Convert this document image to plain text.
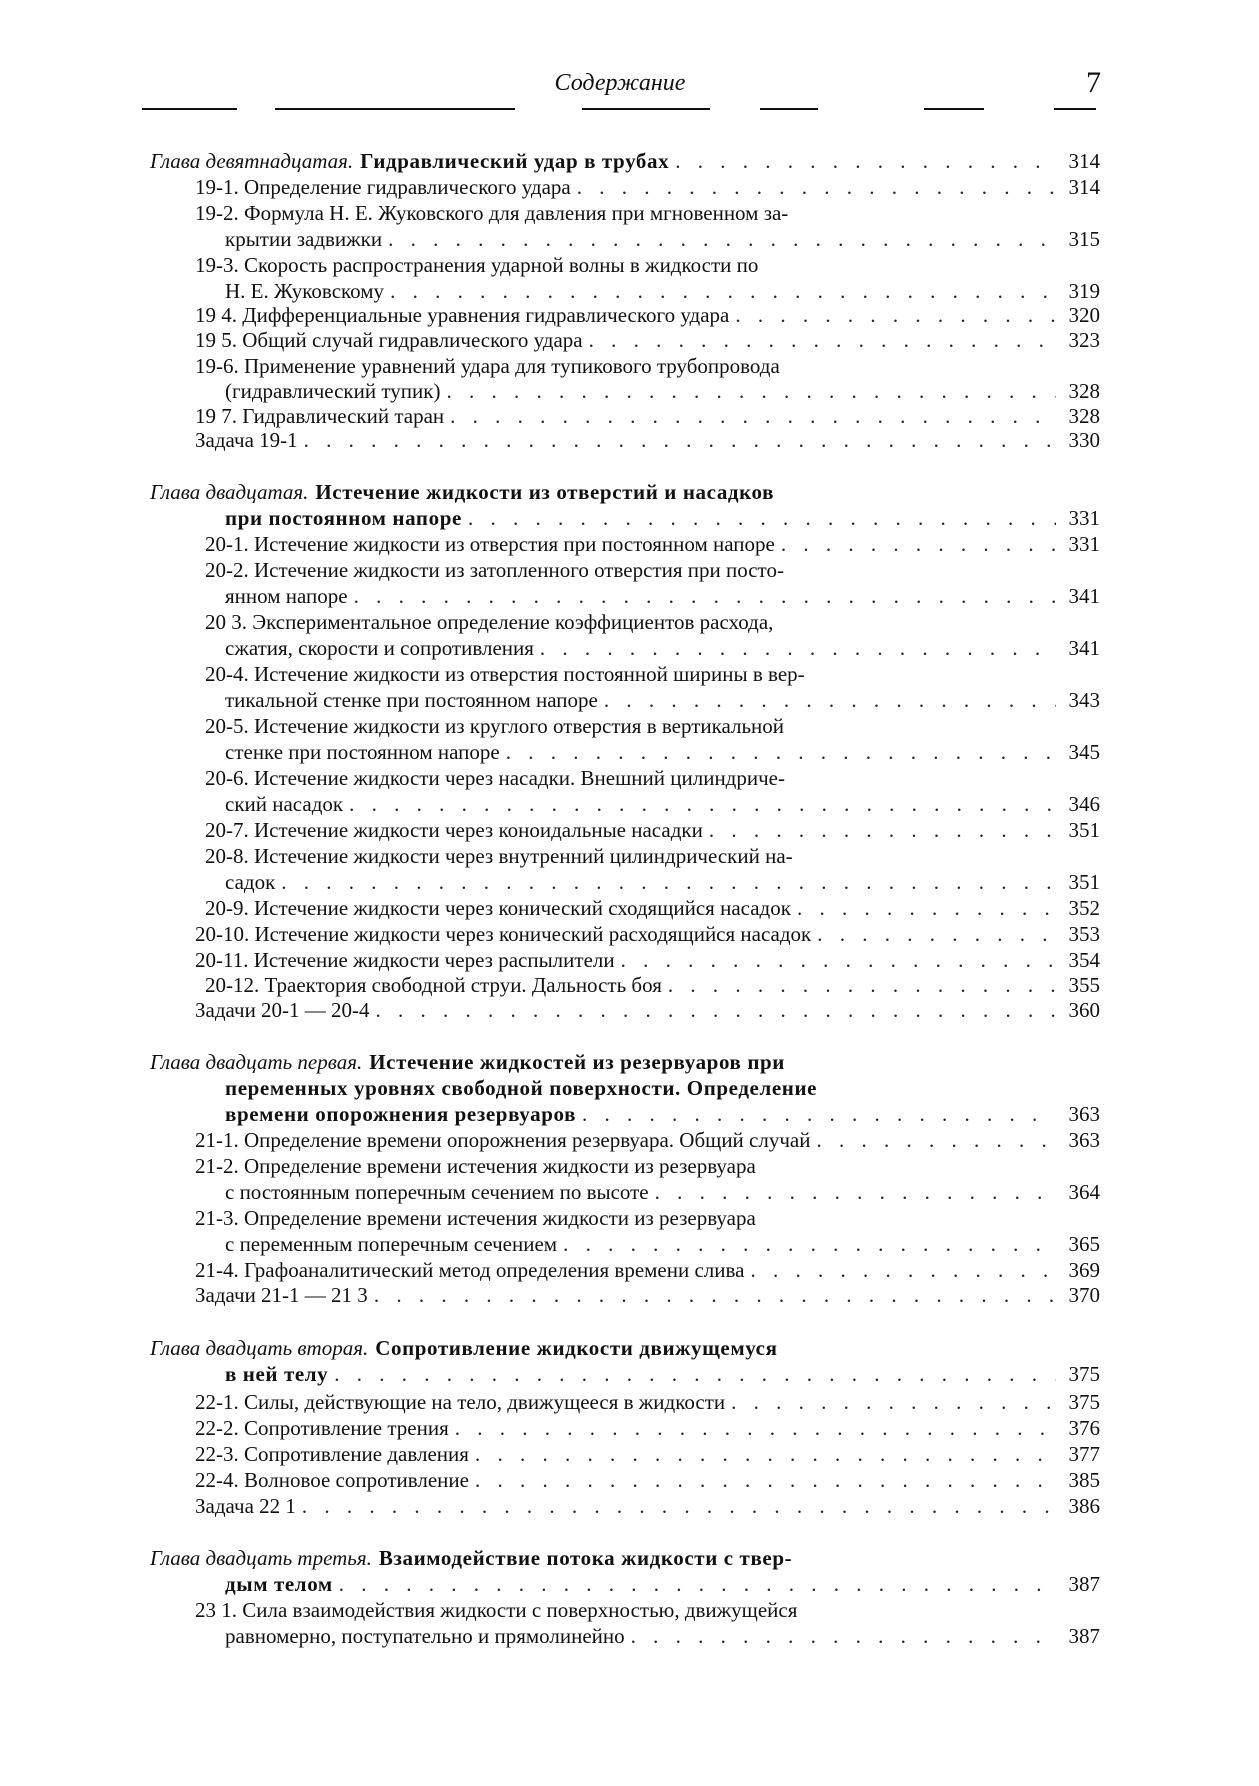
Содержание	7
Глава девятнадцатая. Гидравлический удар в трубах . . .	314
19-1. Определение гидравлического удара . . .	314
19-2. Формула Н. Е. Жуковского для давления при мгновенном за-
крытии задвижки . . .	315
19-3. Скорость распространения ударной волны в жидкости по
Н. Е. Жуковскому . . .	319
19 4. Дифференциальные уравнения гидравлического удара . . .	320
19 5. Общий случай гидравлического удара . . .	323
19-6. Применение уравнений удара для тупикового трубопровода
(гидравлический тупик) . . .	328
19 7. Гидравлический таран . . .	328
Задача 19-1 . . .	330
Глава двадцатая. Истечение жидкости из отверстий и насадков
при постоянном напоре . . .	331
20-1. Истечение жидкости из отверстия при постоянном напоре . . .	331
20-2. Истечение жидкости из затопленного отверстия при посто-
янном напоре . . .	341
20 3. Экспериментальное определение коэффициентов расхода,
сжатия, скорости и сопротивления . . .	341
20-4. Истечение жидкости из отверстия постоянной ширины в вер-
тикальной стенке при постоянном напоре . . .	343
20-5. Истечение жидкости из круглого отверстия в вертикальной
стенке при постоянном напоре . . .	345
20-6. Истечение жидкости через насадки. Внешний цилиндриче-
ский насадок . . .	346
20-7. Истечение жидкости через коноидальные насадки . . .	351
20-8. Истечение жидкости через внутренний цилиндрический на-
садок . . .	351
20-9. Истечение жидкости через конический сходящийся насадок . . .	352
20-10. Истечение жидкости через конический расходящийся насадок . . .	353
20-11. Истечение жидкости через распылители . . .	354
20-12. Траектория свободной струи. Дальность боя . . .	355
Задачи 20-1 — 20-4 . . .	360
Глава двадцать первая. Истечение жидкостей из резервуаров при
переменных уровнях свободной поверхности. Определение
времени опорожнения резервуаров . . .	363
21-1. Определение времени опорожнения резервуара. Общий случай . . .	363
21-2. Определение времени истечения жидкости из резервуара
с постоянным поперечным сечением по высоте . . .	364
21-3. Определение времени истечения жидкости из резервуара
с переменным поперечным сечением . . .	365
21-4. Графоаналитический метод определения времени слива . . .	369
Задачи 21-1 — 21 3 . . .	370
Глава двадцать вторая. Сопротивление жидкости движущемуся
в ней телу . . .	375
22-1. Силы, действующие на тело, движущееся в жидкости . . .	375
22-2. Сопротивление трения . . .	376
22-3. Сопротивление давления . . .	377
22-4. Волновое сопротивление . . .	385
Задача 22 1 . . .	386
Глава двадцать третья. Взаимодействие потока жидкости с твер-
дым телом . . .	387
23 1. Сила взаимодействия жидкости с поверхностью, движущейся
равномерно, поступательно и прямолинейно . . .	387
